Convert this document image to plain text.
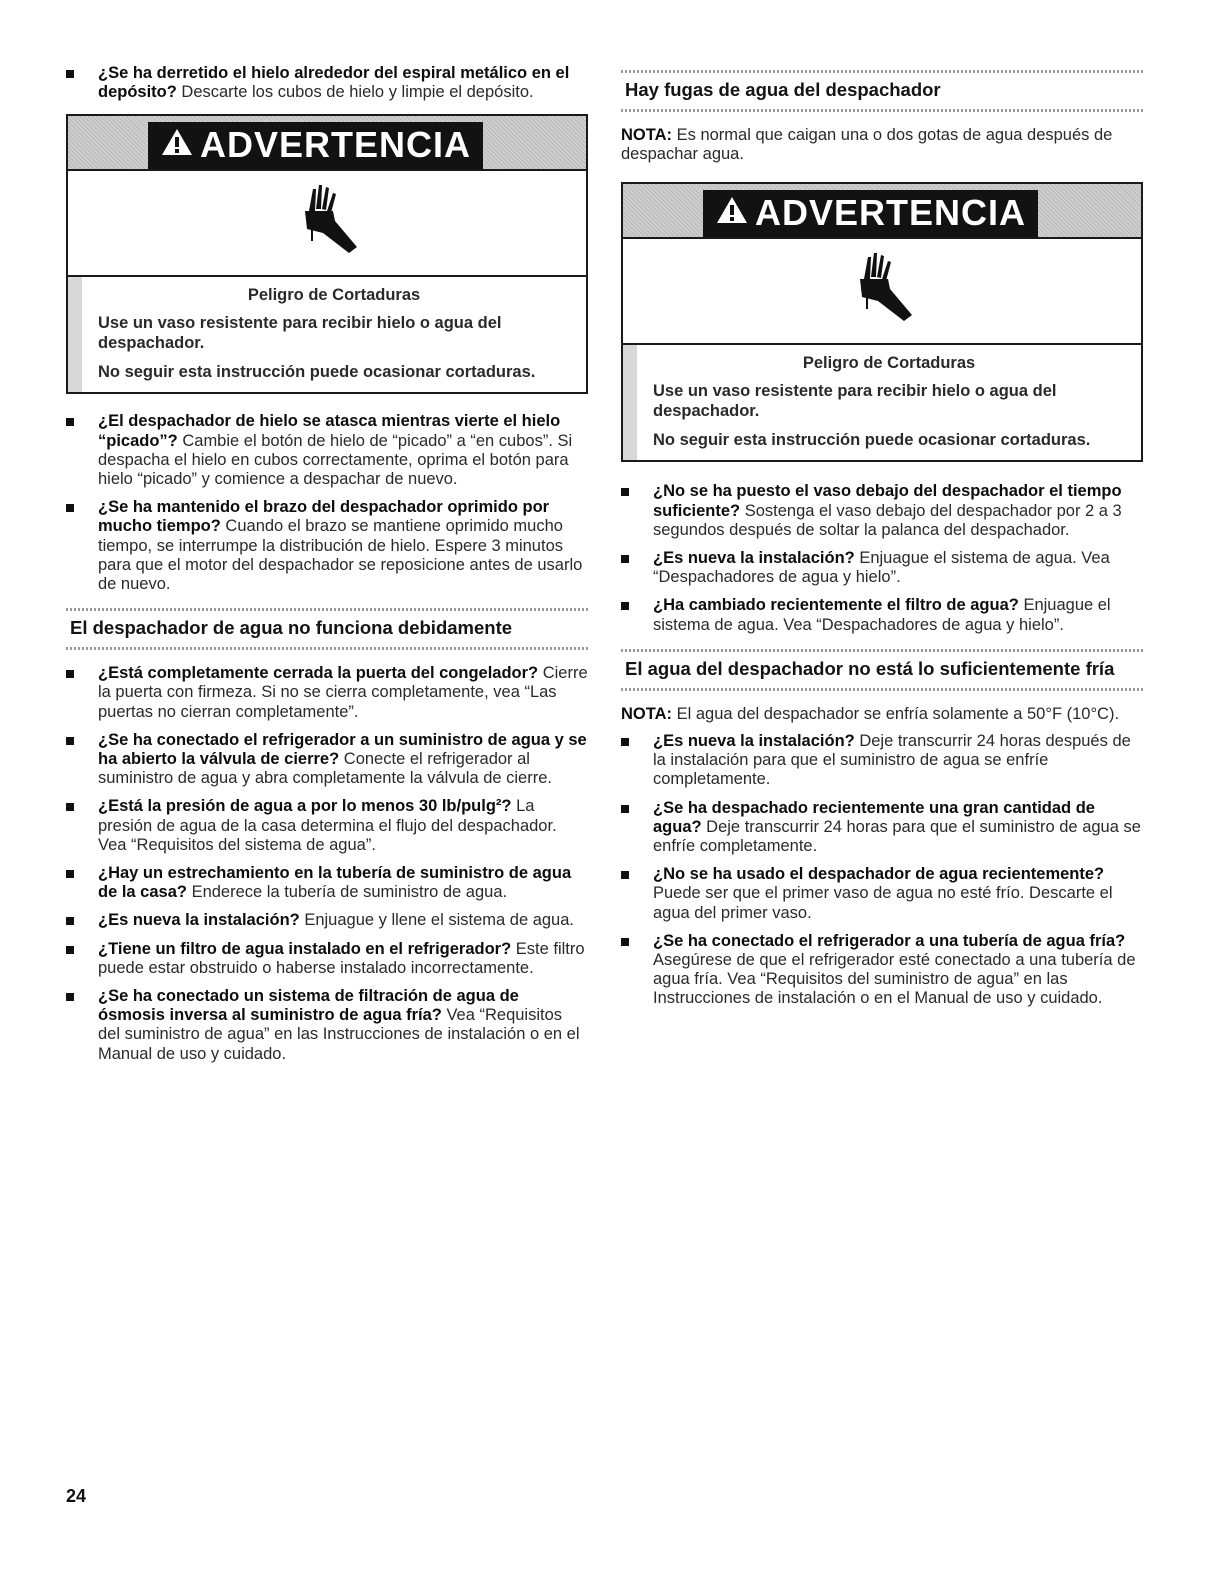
¿Se ha derretido el hielo alrededor del espiral metálico en el depósito? Descarte los cubos de hielo y limpie el depósito.
ADVERTENCIA
Peligro de Cortaduras

Use un vaso resistente para recibir hielo o agua del despachador.

No seguir esta instrucción puede ocasionar cortaduras.

¿El despachador de hielo se atasca mientras vierte el hielo “picado”? Cambie el botón de hielo de “picado” a “en cubos”. Si despacha el hielo en cubos correctamente, oprima el botón para hielo “picado” y comience a despachar de nuevo.
¿Se ha mantenido el brazo del despachador oprimido por mucho tiempo? Cuando el brazo se mantiene oprimido mucho tiempo, se interrumpe la distribución de hielo. Espere 3 minutos para que el motor del despachador se reposicione antes de usarlo de nuevo.
El despachador de agua no funciona debidamente
¿Está completamente cerrada la puerta del congelador? Cierre la puerta con firmeza. Si no se cierra completamente, vea “Las puertas no cierran completamente”.
¿Se ha conectado el refrigerador a un suministro de agua y se ha abierto la válvula de cierre? Conecte el refrigerador al suministro de agua y abra completamente la válvula de cierre.
¿Está la presión de agua a por lo menos 30 lb/pulg²? La presión de agua de la casa determina el flujo del despachador. Vea “Requisitos del sistema de agua”.
¿Hay un estrechamiento en la tubería de suministro de agua de la casa? Enderece la tubería de suministro de agua.
¿Es nueva la instalación? Enjuague y llene el sistema de agua.
¿Tiene un filtro de agua instalado en el refrigerador? Este filtro puede estar obstruido o haberse instalado incorrectamente.
¿Se ha conectado un sistema de filtración de agua de ósmosis inversa al suministro de agua fría? Vea “Requisitos del suministro de agua” en las Instrucciones de instalación o en el Manual de uso y cuidado.
Hay fugas de agua del despachador

NOTA: Es normal que caigan una o dos gotas de agua después de despachar agua.

ADVERTENCIA
Peligro de Cortaduras

Use un vaso resistente para recibir hielo o agua del despachador.

No seguir esta instrucción puede ocasionar cortaduras.

¿No se ha puesto el vaso debajo del despachador el tiempo suficiente? Sostenga el vaso debajo del despachador por 2 a 3 segundos después de soltar la palanca del despachador.
¿Es nueva la instalación? Enjuague el sistema de agua. Vea “Despachadores de agua y hielo”.
¿Ha cambiado recientemente el filtro de agua? Enjuague el sistema de agua. Vea “Despachadores de agua y hielo”.
El agua del despachador no está lo suficientemente fría

NOTA: El agua del despachador se enfría solamente a 50°F (10°C).

¿Es nueva la instalación? Deje transcurrir 24 horas después de la instalación para que el suministro de agua se enfríe completamente.
¿Se ha despachado recientemente una gran cantidad de agua? Deje transcurrir 24 horas para que el suministro de agua se enfríe completamente.
¿No se ha usado el despachador de agua recientemente? Puede ser que el primer vaso de agua no esté frío. Descarte el agua del primer vaso.
¿Se ha conectado el refrigerador a una tubería de agua fría? Asegúrese de que el refrigerador esté conectado a una tubería de agua fría. Vea “Requisitos del suministro de agua” en las Instrucciones de instalación o en el Manual de uso y cuidado.
24
